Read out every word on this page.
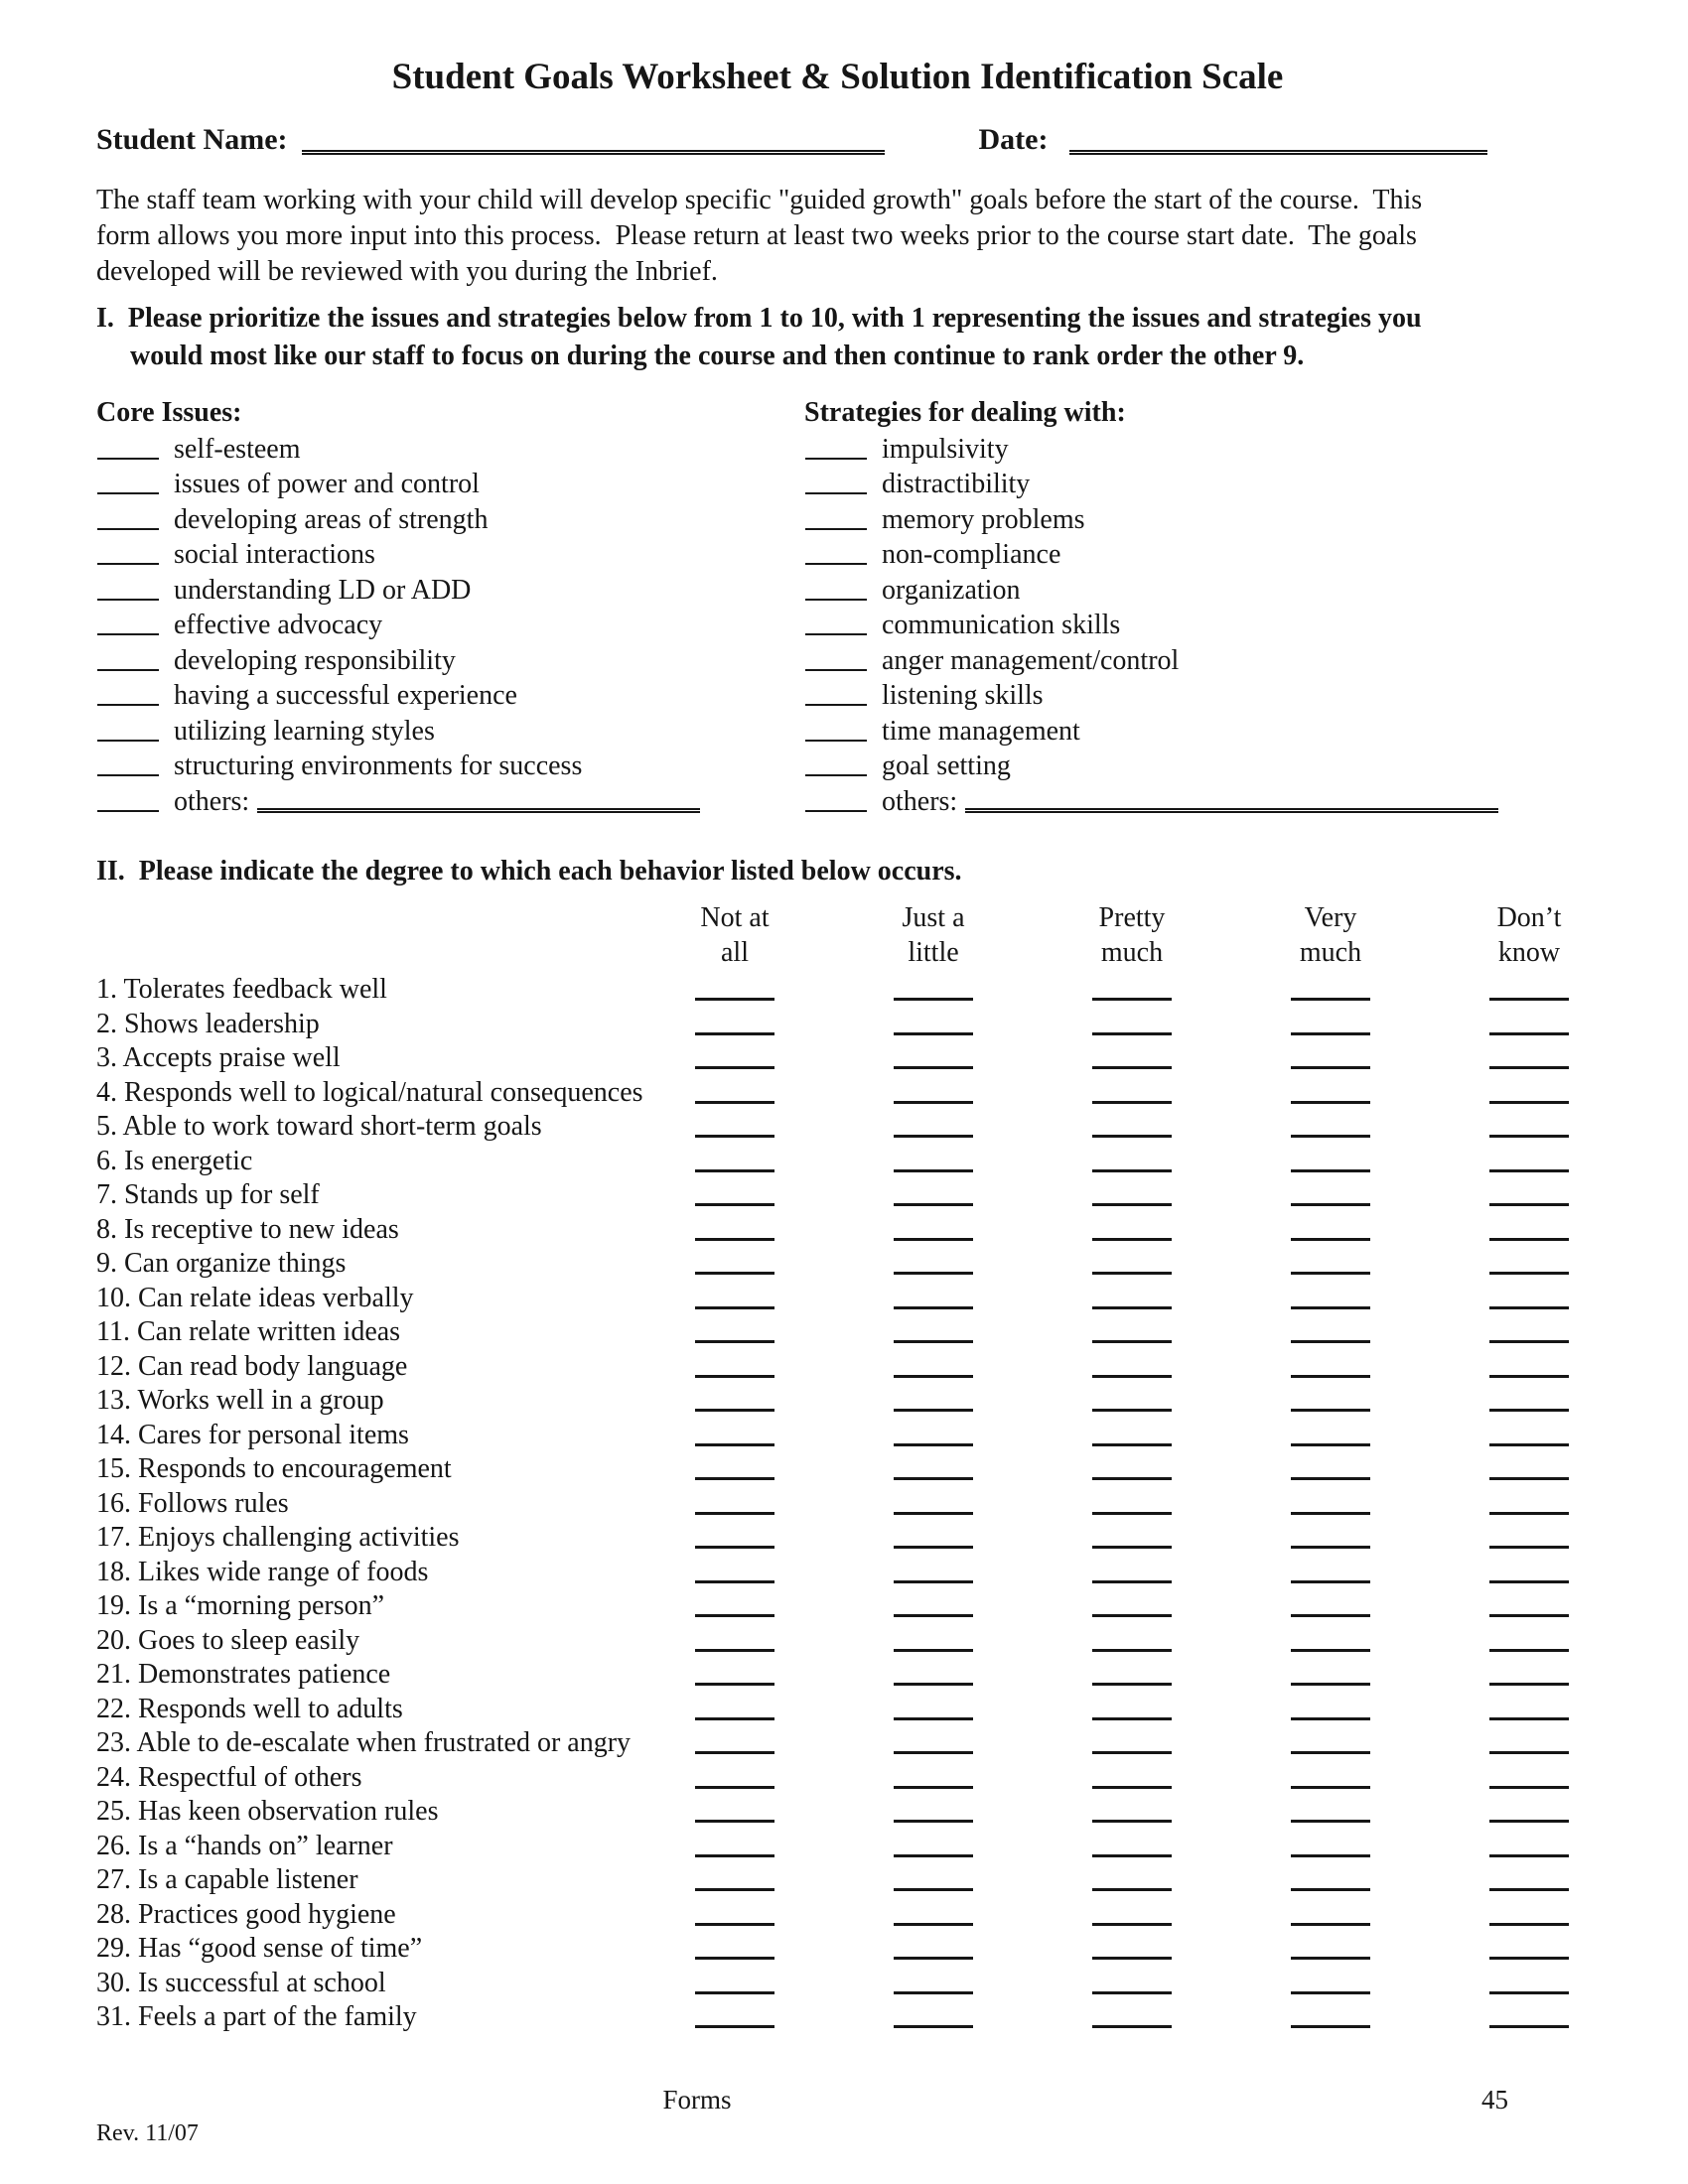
Student Goals Worksheet & Solution Identification Scale
Student Name:	Date:
The staff team working with your child will develop specific "guided growth" goals before the start of the course.  This
form allows you more input into this process.  Please return at least two weeks prior to the course start date.  The goals
developed will be reviewed with you during the Inbrief.
I.  Please prioritize the issues and strategies below from 1 to 10, with 1 representing the issues and strategies you
would most like our staff to focus on during the course and then continue to rank order the other 9.
Core Issues:
self-esteem
issues of power and control
developing areas of strength
social interactions
understanding LD or ADD
effective advocacy
developing responsibility
having a successful experience
utilizing learning styles
structuring environments for success
others:
Strategies for dealing with:
impulsivity
distractibility
memory problems
non-compliance
organization
communication skills
anger management/control
listening skills
time management
goal setting
others:
II.  Please indicate the degree to which each behavior listed below occurs.
Not at
all
Just a
little
Pretty
much
Very
much
Don’t
know
1. Tolerates feedback well
2. Shows leadership
3. Accepts praise well
4. Responds well to logical/natural consequences
5. Able to work toward short-term goals
6. Is energetic
7. Stands up for self
8. Is receptive to new ideas
9. Can organize things
10. Can relate ideas verbally
11. Can relate written ideas
12. Can read body language
13. Works well in a group
14. Cares for personal items
15. Responds to encouragement
16. Follows rules
17. Enjoys challenging activities
18. Likes wide range of foods
19. Is a “morning person”
20. Goes to sleep easily
21. Demonstrates patience
22. Responds well to adults
23. Able to de-escalate when frustrated or angry
24. Respectful of others
25. Has keen observation rules
26. Is a “hands on” learner
27. Is a capable listener
28. Practices good hygiene
29. Has “good sense of time”
30. Is successful at school
31. Feels a part of the family
Forms	45
Rev. 11/07
